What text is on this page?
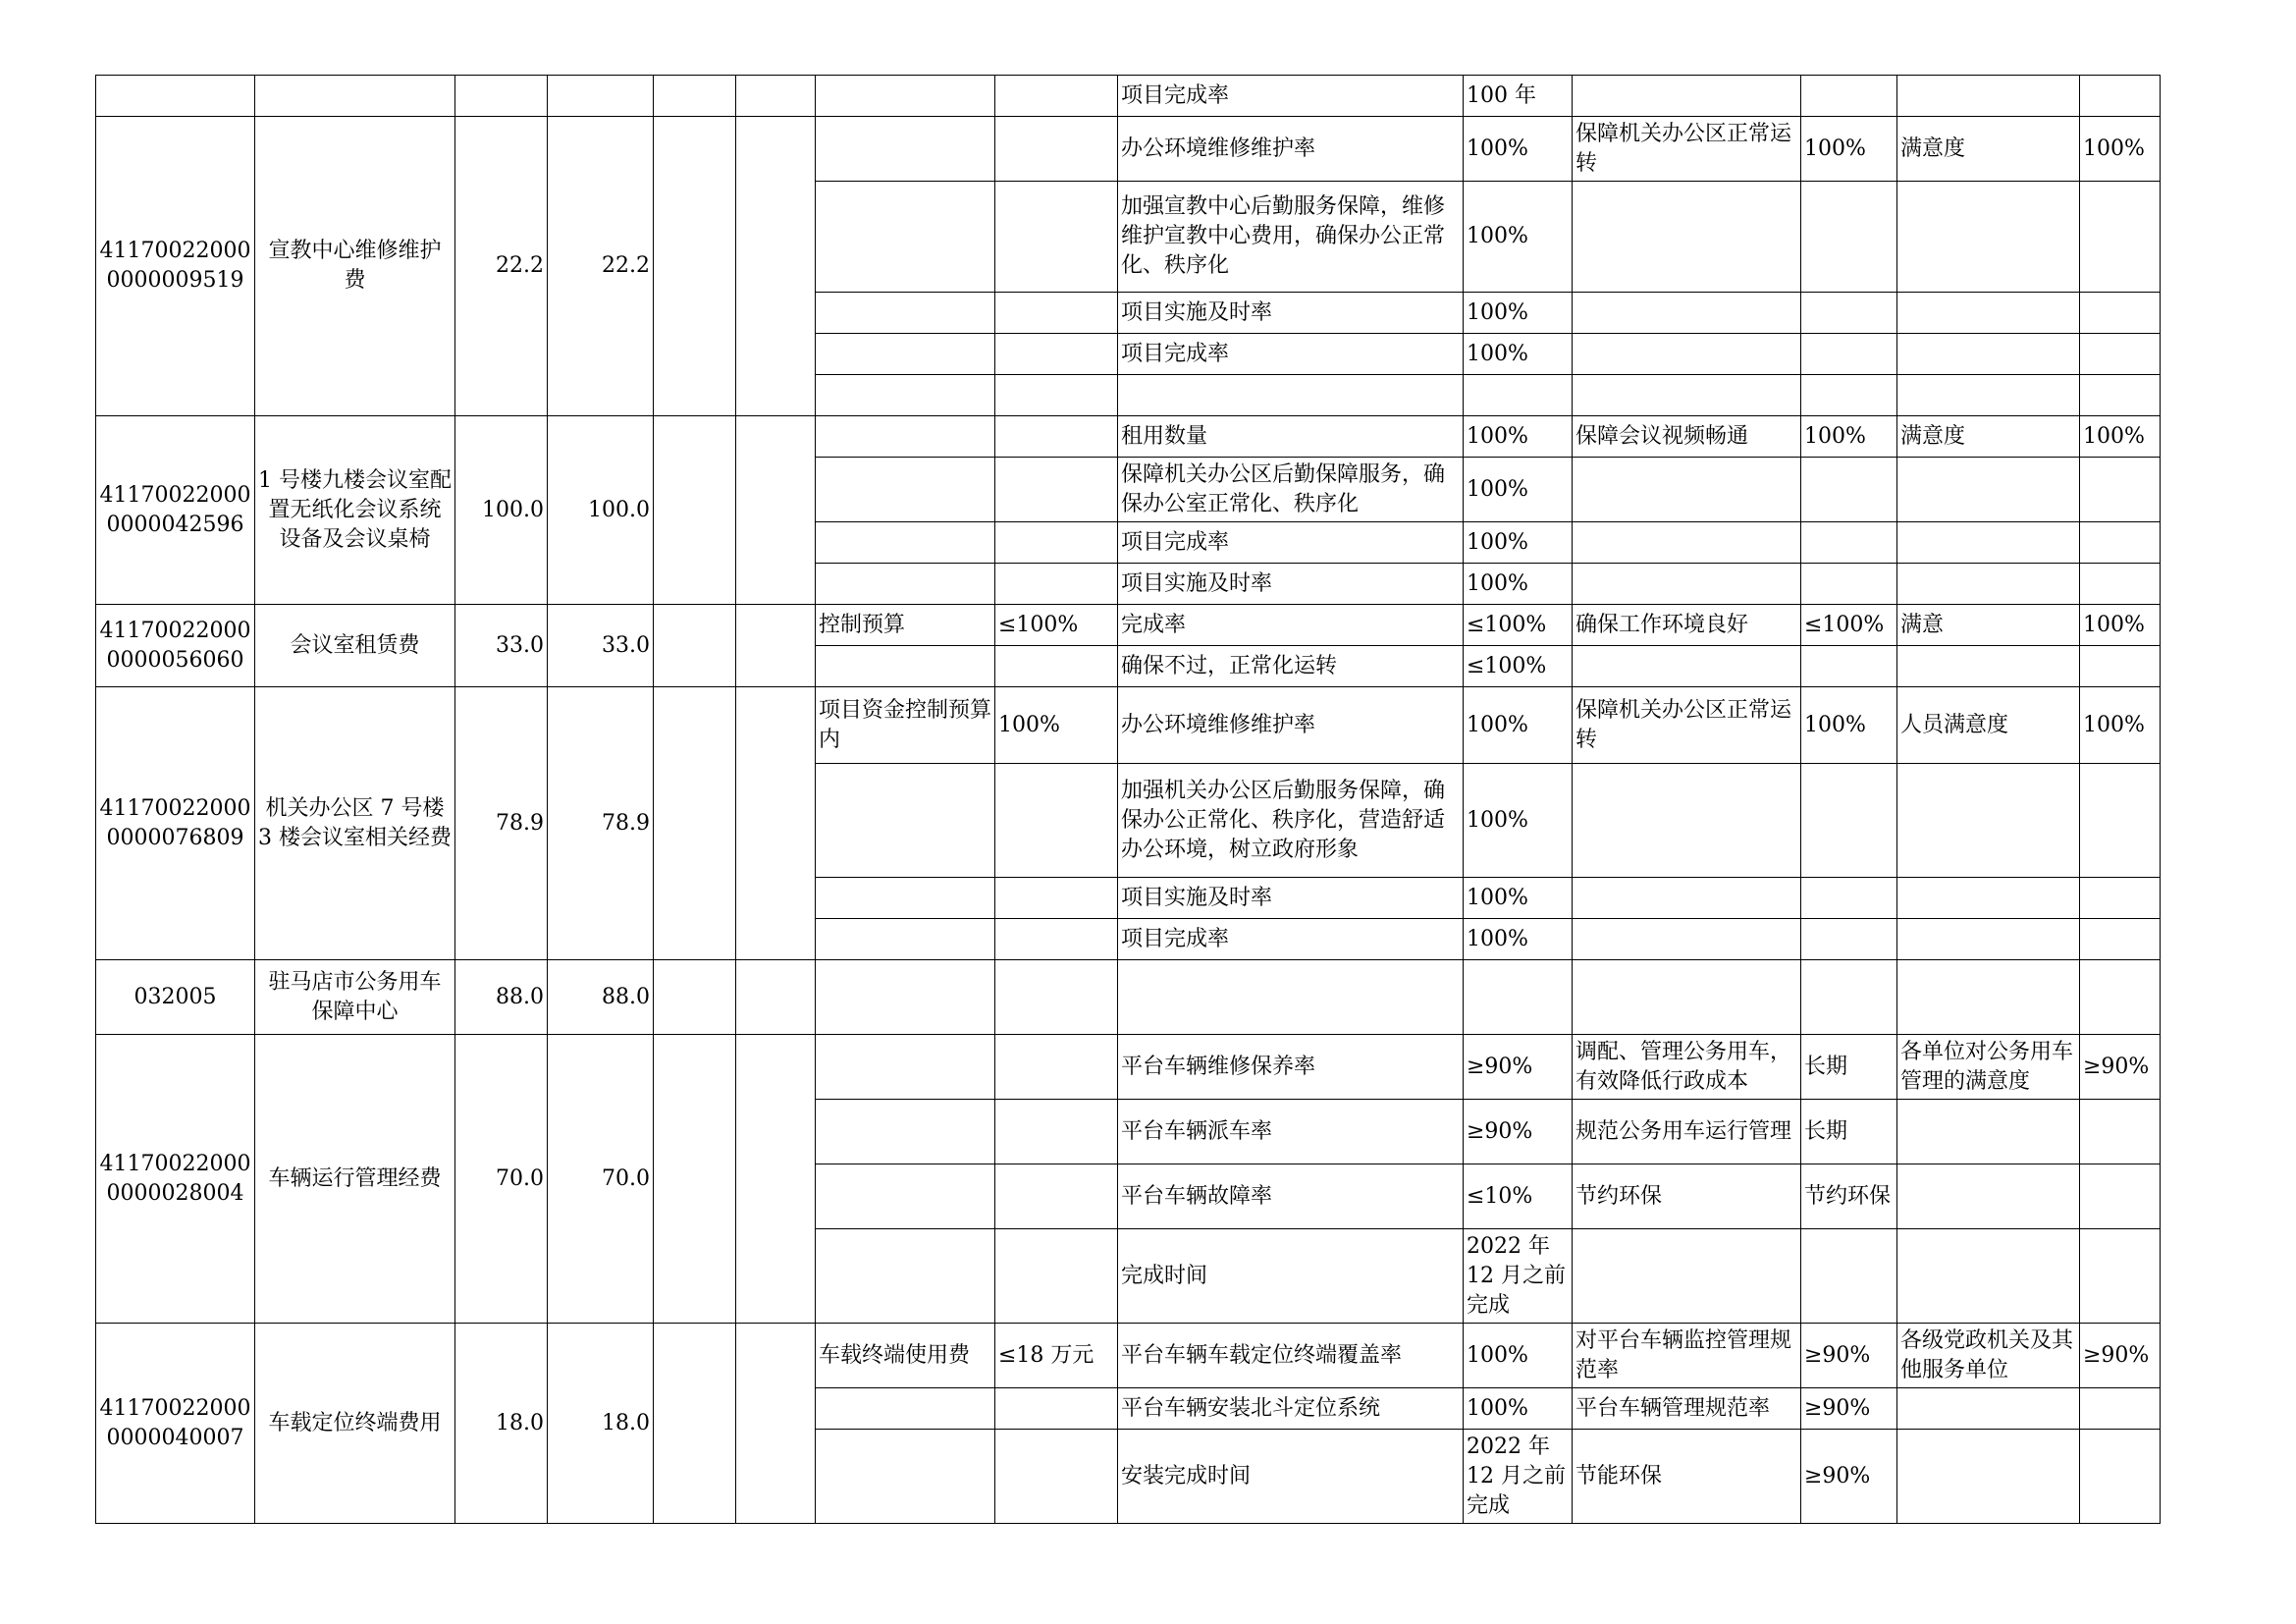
								项目完成率	100 年				
411700220000000009519	宣教中心维修维护费	22.2	22.2					办公环境维修维护率	100%	保障机关办公区正常运转	100%	满意度	100%
								加强宣教中心后勤服务保障，维修维护宣教中心费用，确保办公正常化、秩序化	100%				
								项目实施及时率	100%				
								项目完成率	100%				

411700220000000042596	1 号楼九楼会议室配置无纸化会议系统设备及会议桌椅	100.0	100.0					租用数量	100%	保障会议视频畅通	100%	满意度	100%
								保障机关办公区后勤保障服务，确保办公室正常化、秩序化	100%				
								项目完成率	100%				
								项目实施及时率	100%				
411700220000000056060	会议室租赁费	33.0	33.0			控制预算	≤100%	完成率	≤100%	确保工作环境良好	≤100%	满意	100%
								确保不过，正常化运转	≤100%				
411700220000000076809	机关办公区 7 号楼 3 楼会议室相关经费	78.9	78.9			项目资金控制预算内	100%	办公环境维修维护率	100%	保障机关办公区正常运转	100%	人员满意度	100%
								加强机关办公区后勤服务保障，确保办公正常化、秩序化，营造舒适办公环境，树立政府形象	100%				
								项目实施及时率	100%				
								项目完成率	100%				
032005	驻马店市公务用车保障中心	88.0	88.0										
411700220000000028004	车辆运行管理经费	70.0	70.0					平台车辆维修保养率	≥90%	调配、管理公务用车，有效降低行政成本	长期	各单位对公务用车管理的满意度	≥90%
								平台车辆派车率	≥90%	规范公务用车运行管理	长期		
								平台车辆故障率	≤10%	节约环保	节约环保		
								完成时间	2022 年 12 月之前完成				
411700220000000040007	车载定位终端费用	18.0	18.0			车载终端使用费	≤18 万元	平台车辆车载定位终端覆盖率	100%	对平台车辆监控管理规范率	≥90%	各级党政机关及其他服务单位	≥90%
								平台车辆安装北斗定位系统	100%	平台车辆管理规范率	≥90%		
								安装完成时间	2022 年 12 月之前完成	节能环保	≥90%		
